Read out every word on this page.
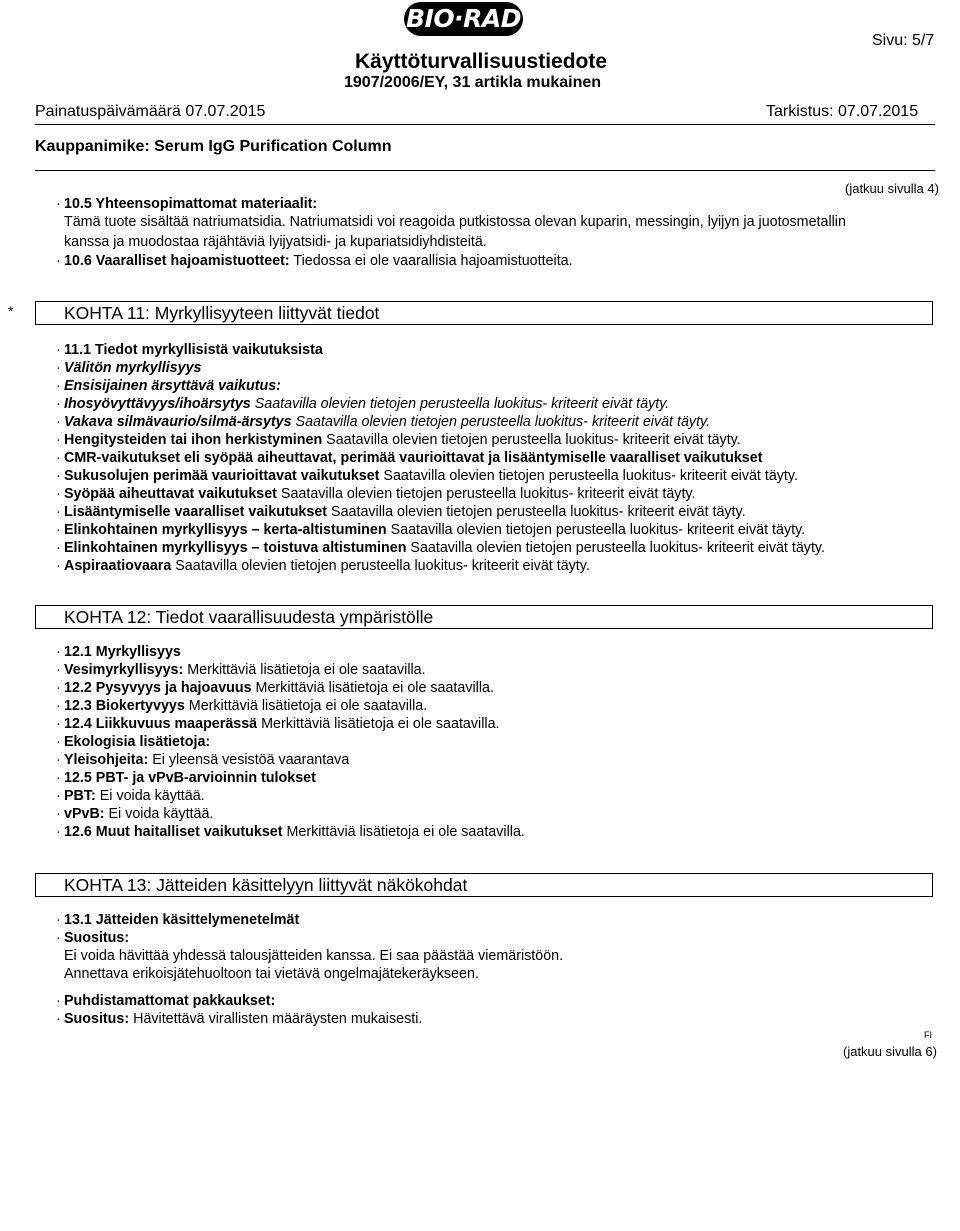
BIO·RAD
Sivu: 5/7
Käyttöturvallisuustiedote
1907/2006/EY, 31 artikla mukainen
Painatuspäivämäärä 07.07.2015	Tarkistus: 07.07.2015
Kauppanimike: Serum IgG Purification Column
(jatkuu sivulla 4)
· 10.5 Yhteensopimattomat materiaalit:
Tämä tuote sisältää natriumatsidia. Natriumatsidi voi reagoida putkistossa olevan kuparin, messingin, lyijyn ja juotosmetallin
kanssa ja muodostaa räjähtäviä lyijyatsidi- ja kupariatsidiyhdisteitä.
· 10.6 Vaaralliset hajoamistuotteet: Tiedossa ei ole vaarallisia hajoamistuotteita.
*	KOHTA 11: Myrkyllisyyteen liittyvät tiedot
· 11.1 Tiedot myrkyllisistä vaikutuksista
· Välitön myrkyllisyys
· Ensisijainen ärsyttävä vaikutus:
· Ihosyövyttävyys/ihoärsytys Saatavilla olevien tietojen perusteella luokitus- kriteerit eivät täyty.
· Vakava silmävaurio/silmä-ärsytys Saatavilla olevien tietojen perusteella luokitus- kriteerit eivät täyty.
· Hengitysteiden tai ihon herkistyminen Saatavilla olevien tietojen perusteella luokitus- kriteerit eivät täyty.
· CMR-vaikutukset eli syöpää aiheuttavat, perimää vaurioittavat ja lisääntymiselle vaaralliset vaikutukset
· Sukusolujen perimää vaurioittavat vaikutukset Saatavilla olevien tietojen perusteella luokitus- kriteerit eivät täyty.
· Syöpää aiheuttavat vaikutukset Saatavilla olevien tietojen perusteella luokitus- kriteerit eivät täyty.
· Lisääntymiselle vaaralliset vaikutukset Saatavilla olevien tietojen perusteella luokitus- kriteerit eivät täyty.
· Elinkohtainen myrkyllisyys – kerta-altistuminen Saatavilla olevien tietojen perusteella luokitus- kriteerit eivät täyty.
· Elinkohtainen myrkyllisyys – toistuva altistuminen Saatavilla olevien tietojen perusteella luokitus- kriteerit eivät täyty.
· Aspiraatiovaara Saatavilla olevien tietojen perusteella luokitus- kriteerit eivät täyty.
KOHTA 12: Tiedot vaarallisuudesta ympäristölle
· 12.1 Myrkyllisyys
· Vesimyrkyllisyys: Merkittäviä lisätietoja ei ole saatavilla.
· 12.2 Pysyvyys ja hajoavuus Merkittäviä lisätietoja ei ole saatavilla.
· 12.3 Biokertyvyys Merkittäviä lisätietoja ei ole saatavilla.
· 12.4 Liikkuvuus maaperässä Merkittäviä lisätietoja ei ole saatavilla.
· Ekologisia lisätietoja:
· Yleisohjeita: Ei yleensä vesistöä vaarantava
· 12.5 PBT- ja vPvB-arvioinnin tulokset
· PBT: Ei voida käyttää.
· vPvB: Ei voida käyttää.
· 12.6 Muut haitalliset vaikutukset Merkittäviä lisätietoja ei ole saatavilla.
KOHTA 13: Jätteiden käsittelyyn liittyvät näkökohdat
· 13.1 Jätteiden käsittelymenetelmät
· Suositus:
Ei voida hävittää yhdessä talousjätteiden kanssa. Ei saa päästää viemäristöön.
Annettava erikoisjätehuoltoon tai vietävä ongelmajätekeräykseen.
· Puhdistamattomat pakkaukset:
· Suositus: Hävitettävä virallisten määräysten mukaisesti.
FI
(jatkuu sivulla 6)
